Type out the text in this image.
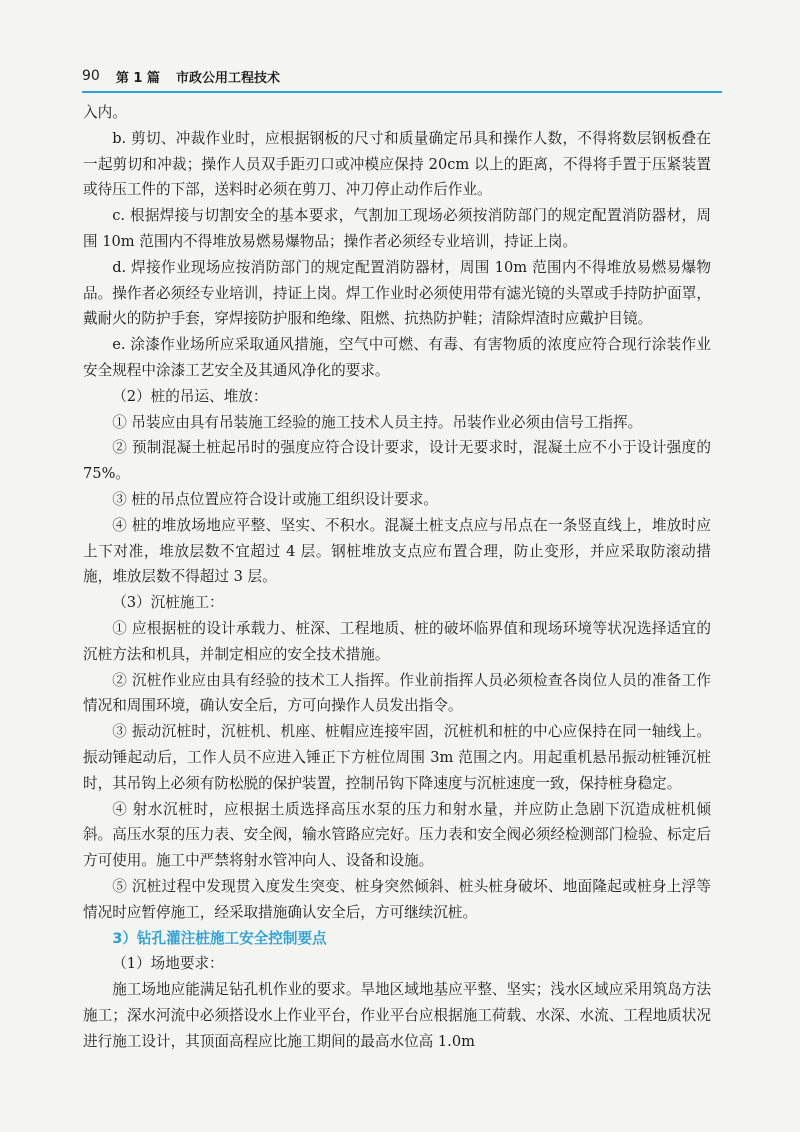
90 第 1 篇 市政公用工程技术

入内。

b. 剪切、冲裁作业时，应根据钢板的尺寸和质量确定吊具和操作人数，不得将数层钢板叠在一起剪切和冲裁；操作人员双手距刃口或冲模应保持 20cm 以上的距离，不得将手置于压紧装置或待压工件的下部，送料时必须在剪刀、冲刀停止动作后作业。

c. 根据焊接与切割安全的基本要求，气割加工现场必须按消防部门的规定配置消防器材，周围 10m 范围内不得堆放易燃易爆物品；操作者必须经专业培训，持证上岗。

d. 焊接作业现场应按消防部门的规定配置消防器材，周围 10m 范围内不得堆放易燃易爆物品。操作者必须经专业培训，持证上岗。焊工作业时必须使用带有滤光镜的头罩或手持防护面罩，戴耐火的防护手套，穿焊接防护服和绝缘、阻燃、抗热防护鞋；清除焊渣时应戴护目镜。

e. 涂漆作业场所应采取通风措施，空气中可燃、有毒、有害物质的浓度应符合现行涂装作业安全规程中涂漆工艺安全及其通风净化的要求。

（2）桩的吊运、堆放：

① 吊装应由具有吊装施工经验的施工技术人员主持。吊装作业必须由信号工指挥。

② 预制混凝土桩起吊时的强度应符合设计要求，设计无要求时，混凝土应不小于设计强度的 75%。

③ 桩的吊点位置应符合设计或施工组织设计要求。

④ 桩的堆放场地应平整、坚实、不积水。混凝土桩支点应与吊点在一条竖直线上，堆放时应上下对准，堆放层数不宜超过 4 层。钢桩堆放支点应布置合理，防止变形，并应采取防滚动措施，堆放层数不得超过 3 层。

（3）沉桩施工：

① 应根据桩的设计承载力、桩深、工程地质、桩的破坏临界值和现场环境等状况选择适宜的沉桩方法和机具，并制定相应的安全技术措施。

② 沉桩作业应由具有经验的技术工人指挥。作业前指挥人员必须检查各岗位人员的准备工作情况和周围环境，确认安全后，方可向操作人员发出指令。

③ 振动沉桩时，沉桩机、机座、桩帽应连接牢固，沉桩机和桩的中心应保持在同一轴线上。振动锤起动后，工作人员不应进入锤正下方桩位周围 3m 范围之内。用起重机悬吊振动桩锤沉桩时，其吊钩上必须有防松脱的保护装置，控制吊钩下降速度与沉桩速度一致，保持桩身稳定。

④ 射水沉桩时，应根据土质选择高压水泵的压力和射水量，并应防止急剧下沉造成桩机倾斜。高压水泵的压力表、安全阀，输水管路应完好。压力表和安全阀必须经检测部门检验、标定后方可使用。施工中严禁将射水管冲向人、设备和设施。

⑤ 沉桩过程中发现贯入度发生突变、桩身突然倾斜、桩头桩身破坏、地面隆起或桩身上浮等情况时应暂停施工，经采取措施确认安全后，方可继续沉桩。

3）钻孔灌注桩施工安全控制要点

（1）场地要求：

施工场地应能满足钻孔机作业的要求。旱地区域地基应平整、坚实；浅水区域应采用筑岛方法施工；深水河流中必须搭设水上作业平台，作业平台应根据施工荷载、水深、水流、工程地质状况进行施工设计，其顶面高程应比施工期间的最高水位高 1.0m
